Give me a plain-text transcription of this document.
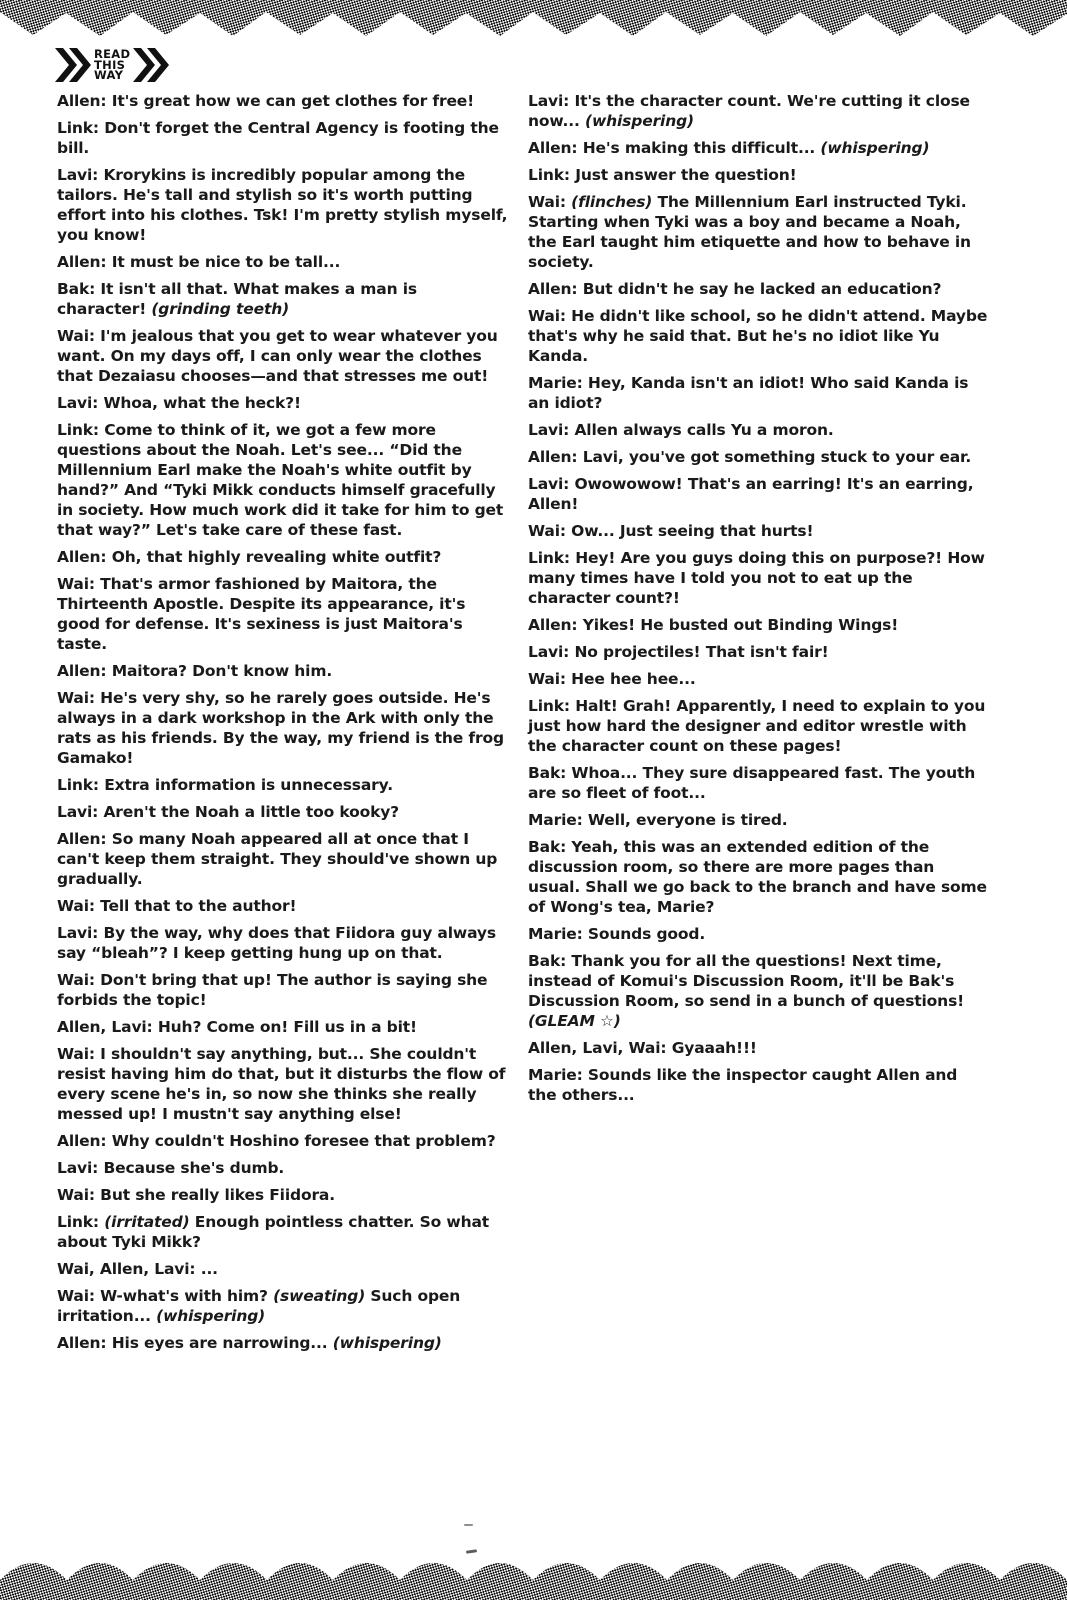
READ
THIS
WAY

Allen: It's great how we can get clothes for free!

Link: Don't forget the Central Agency is footing the bill.

Lavi: Krorykins is incredibly popular among the tailors. He's tall and stylish so it's worth putting effort into his clothes. Tsk! I'm pretty stylish myself, you know!

Allen: It must be nice to be tall...

Bak: It isn't all that. What makes a man is character! (grinding teeth)

Wai: I'm jealous that you get to wear whatever you want. On my days off, I can only wear the clothes that Dezaiasu chooses—and that stresses me out!

Lavi: Whoa, what the heck?!

Link: Come to think of it, we got a few more questions about the Noah. Let's see... “Did the Millennium Earl make the Noah's white outfit by hand?” And “Tyki Mikk conducts himself gracefully in society. How much work did it take for him to get that way?” Let's take care of these fast.

Allen: Oh, that highly revealing white outfit?

Wai: That's armor fashioned by Maitora, the Thirteenth Apostle. Despite its appearance, it's good for defense. It's sexiness is just Maitora's taste.

Allen: Maitora? Don't know him.

Wai: He's very shy, so he rarely goes outside. He's always in a dark workshop in the Ark with only the rats as his friends. By the way, my friend is the frog Gamako!

Link: Extra information is unnecessary.

Lavi: Aren't the Noah a little too kooky?

Allen: So many Noah appeared all at once that I can't keep them straight. They should've shown up gradually.

Wai: Tell that to the author!

Lavi: By the way, why does that Fiidora guy always say “bleah”? I keep getting hung up on that.

Wai: Don't bring that up! The author is saying she forbids the topic!

Allen, Lavi: Huh? Come on! Fill us in a bit!

Wai: I shouldn't say anything, but... She couldn't resist having him do that, but it disturbs the flow of every scene he's in, so now she thinks she really messed up! I mustn't say anything else!

Allen: Why couldn't Hoshino foresee that problem?

Lavi: Because she's dumb.

Wai: But she really likes Fiidora.

Link: (irritated) Enough pointless chatter. So what about Tyki Mikk?

Wai, Allen, Lavi: ...

Wai: W-what's with him? (sweating) Such open irritation... (whispering)

Allen: His eyes are narrowing... (whispering)

Lavi: It's the character count. We're cutting it close now... (whispering)

Allen: He's making this difficult... (whispering)

Link: Just answer the question!

Wai: (flinches) The Millennium Earl instructed Tyki. Starting when Tyki was a boy and became a Noah, the Earl taught him etiquette and how to behave in society.

Allen: But didn't he say he lacked an education?

Wai: He didn't like school, so he didn't attend. Maybe that's why he said that. But he's no idiot like Yu Kanda.

Marie: Hey, Kanda isn't an idiot! Who said Kanda is an idiot?

Lavi: Allen always calls Yu a moron.

Allen: Lavi, you've got something stuck to your ear.

Lavi: Owowowow! That's an earring! It's an earring, Allen!

Wai: Ow... Just seeing that hurts!

Link: Hey! Are you guys doing this on purpose?! How many times have I told you not to eat up the character count?!

Allen: Yikes! He busted out Binding Wings!

Lavi: No projectiles! That isn't fair!

Wai: Hee hee hee...

Link: Halt! Grah! Apparently, I need to explain to you just how hard the designer and editor wrestle with the character count on these pages!

Bak: Whoa... They sure disappeared fast. The youth are so fleet of foot...

Marie: Well, everyone is tired.

Bak: Yeah, this was an extended edition of the discussion room, so there are more pages than usual. Shall we go back to the branch and have some of Wong's tea, Marie?

Marie: Sounds good.

Bak: Thank you for all the questions! Next time, instead of Komui's Discussion Room, it'll be Bak's Discussion Room, so send in a bunch of questions! (GLEAM ☆)

Allen, Lavi, Wai: Gyaaah!!!

Marie: Sounds like the inspector caught Allen and the others...
